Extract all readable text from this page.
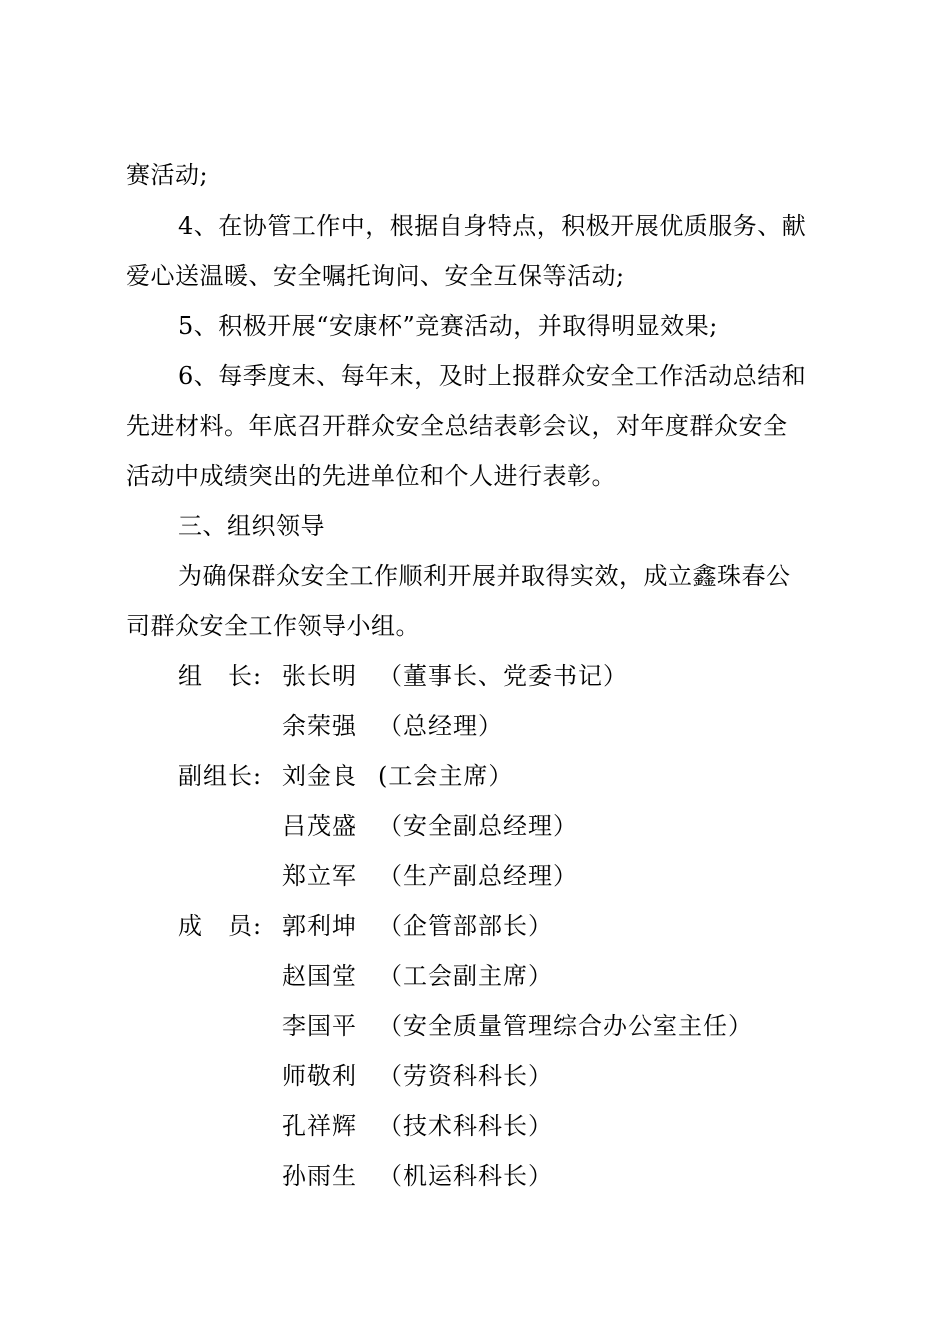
赛活动;
4、在协管工作中，根据自身特点，积极开展优质服务、献
爱心送温暖、安全嘱托询问、安全互保等活动;
5、积极开展“安康杯”竞赛活动，并取得明显效果;
6、每季度末、每年末，及时上报群众安全工作活动总结和
先进材料。年底召开群众安全总结表彰会议，对年度群众安全
活动中成绩突出的先进单位和个人进行表彰。
三、组织领导
为确保群众安全工作顺利开展并取得实效，成立鑫珠春公
司群众安全工作领导小组。
组　长: 张长明 （董事长、党委书记）
余荣强 （总经理）
副组长: 刘金良 (工会主席）
吕茂盛 （安全副总经理）
郑立军 （生产副总经理）
成　员: 郭利坤 （企管部部长）
赵国堂 （工会副主席）
李国平 （安全质量管理综合办公室主任）
师敬利 （劳资科科长）
孔祥辉 （技术科科长）
孙雨生 （机运科科长）
